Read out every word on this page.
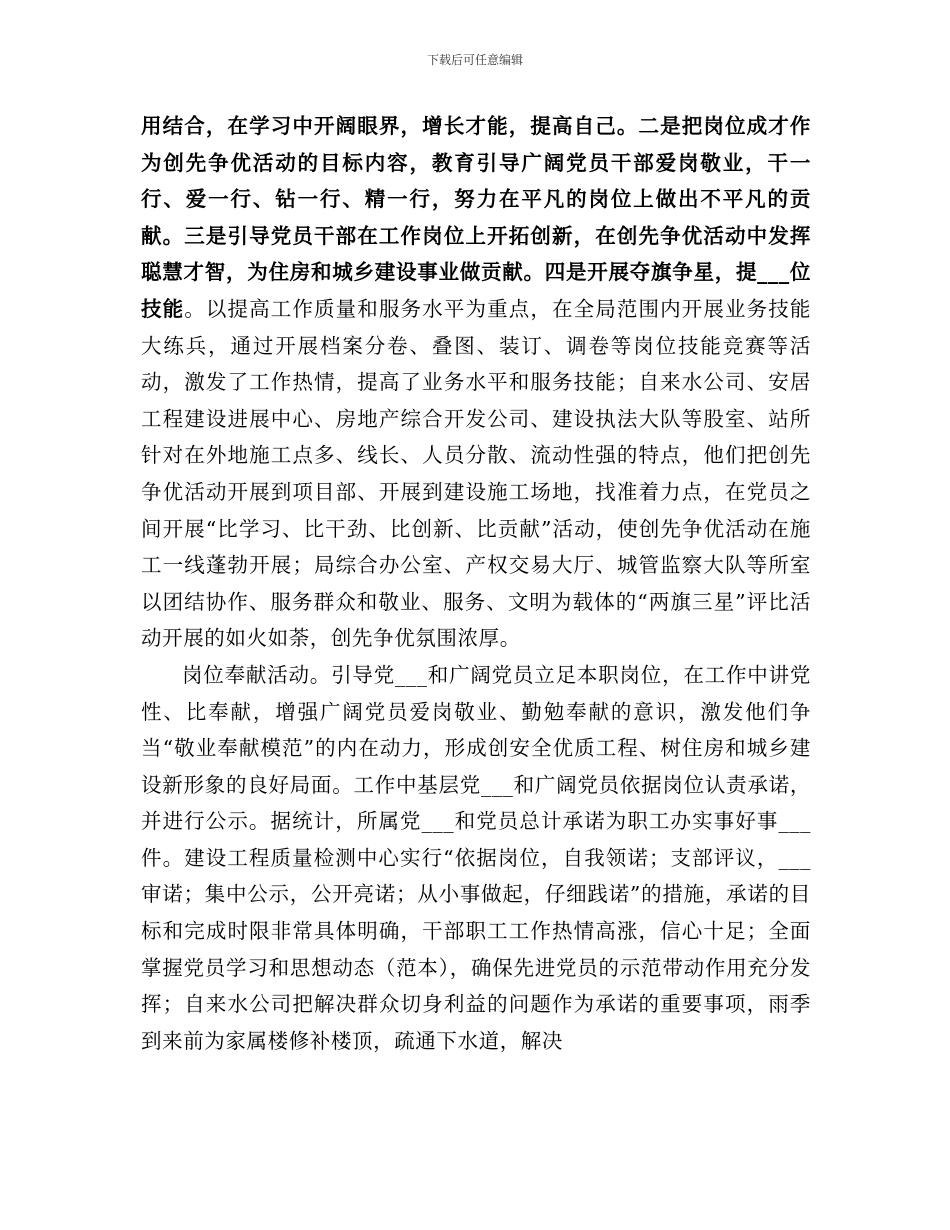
下载后可任意编辑

用结合，在学习中开阔眼界，增长才能，提高自己。二是把岗位成才作为创先争优活动的目标内容，教育引导广阔党员干部爱岗敬业，干一行、爱一行、钻一行、精一行，努力在平凡的岗位上做出不平凡的贡献。三是引导党员干部在工作岗位上开拓创新，在创先争优活动中发挥聪慧才智，为住房和城乡建设事业做贡献。四是开展夺旗争星，提___位技能。以提高工作质量和服务水平为重点，在全局范围内开展业务技能大练兵，通过开展档案分卷、叠图、装订、调卷等岗位技能竞赛等活动，激发了工作热情，提高了业务水平和服务技能；自来水公司、安居工程建设进展中心、房地产综合开发公司、建设执法大队等股室、站所针对在外地施工点多、线长、人员分散、流动性强的特点，他们把创先争优活动开展到项目部、开展到建设施工场地，找准着力点，在党员之间开展“比学习、比干劲、比创新、比贡献”活动，使创先争优活动在施工一线蓬勃开展；局综合办公室、产权交易大厅、城管监察大队等所室以团结协作、服务群众和敬业、服务、文明为载体的“两旗三星”评比活动开展的如火如荼，创先争优氛围浓厚。

岗位奉献活动。引导党___和广阔党员立足本职岗位，在工作中讲党性、比奉献，增强广阔党员爱岗敬业、勤勉奉献的意识，激发他们争当“敬业奉献模范”的内在动力，形成创安全优质工程、树住房和城乡建设新形象的良好局面。工作中基层党___和广阔党员依据岗位认责承诺，并进行公示。据统计，所属党___和党员总计承诺为职工办实事好事___件。建设工程质量检测中心实行“依据岗位，自我领诺；支部评议，___审诺；集中公示，公开亮诺；从小事做起，仔细践诺”的措施，承诺的目标和完成时限非常具体明确，干部职工工作热情高涨，信心十足；全面掌握党员学习和思想动态（范本），确保先进党员的示范带动作用充分发挥；自来水公司把解决群众切身利益的问题作为承诺的重要事项，雨季到来前为家属楼修补楼顶，疏通下水道，解决
